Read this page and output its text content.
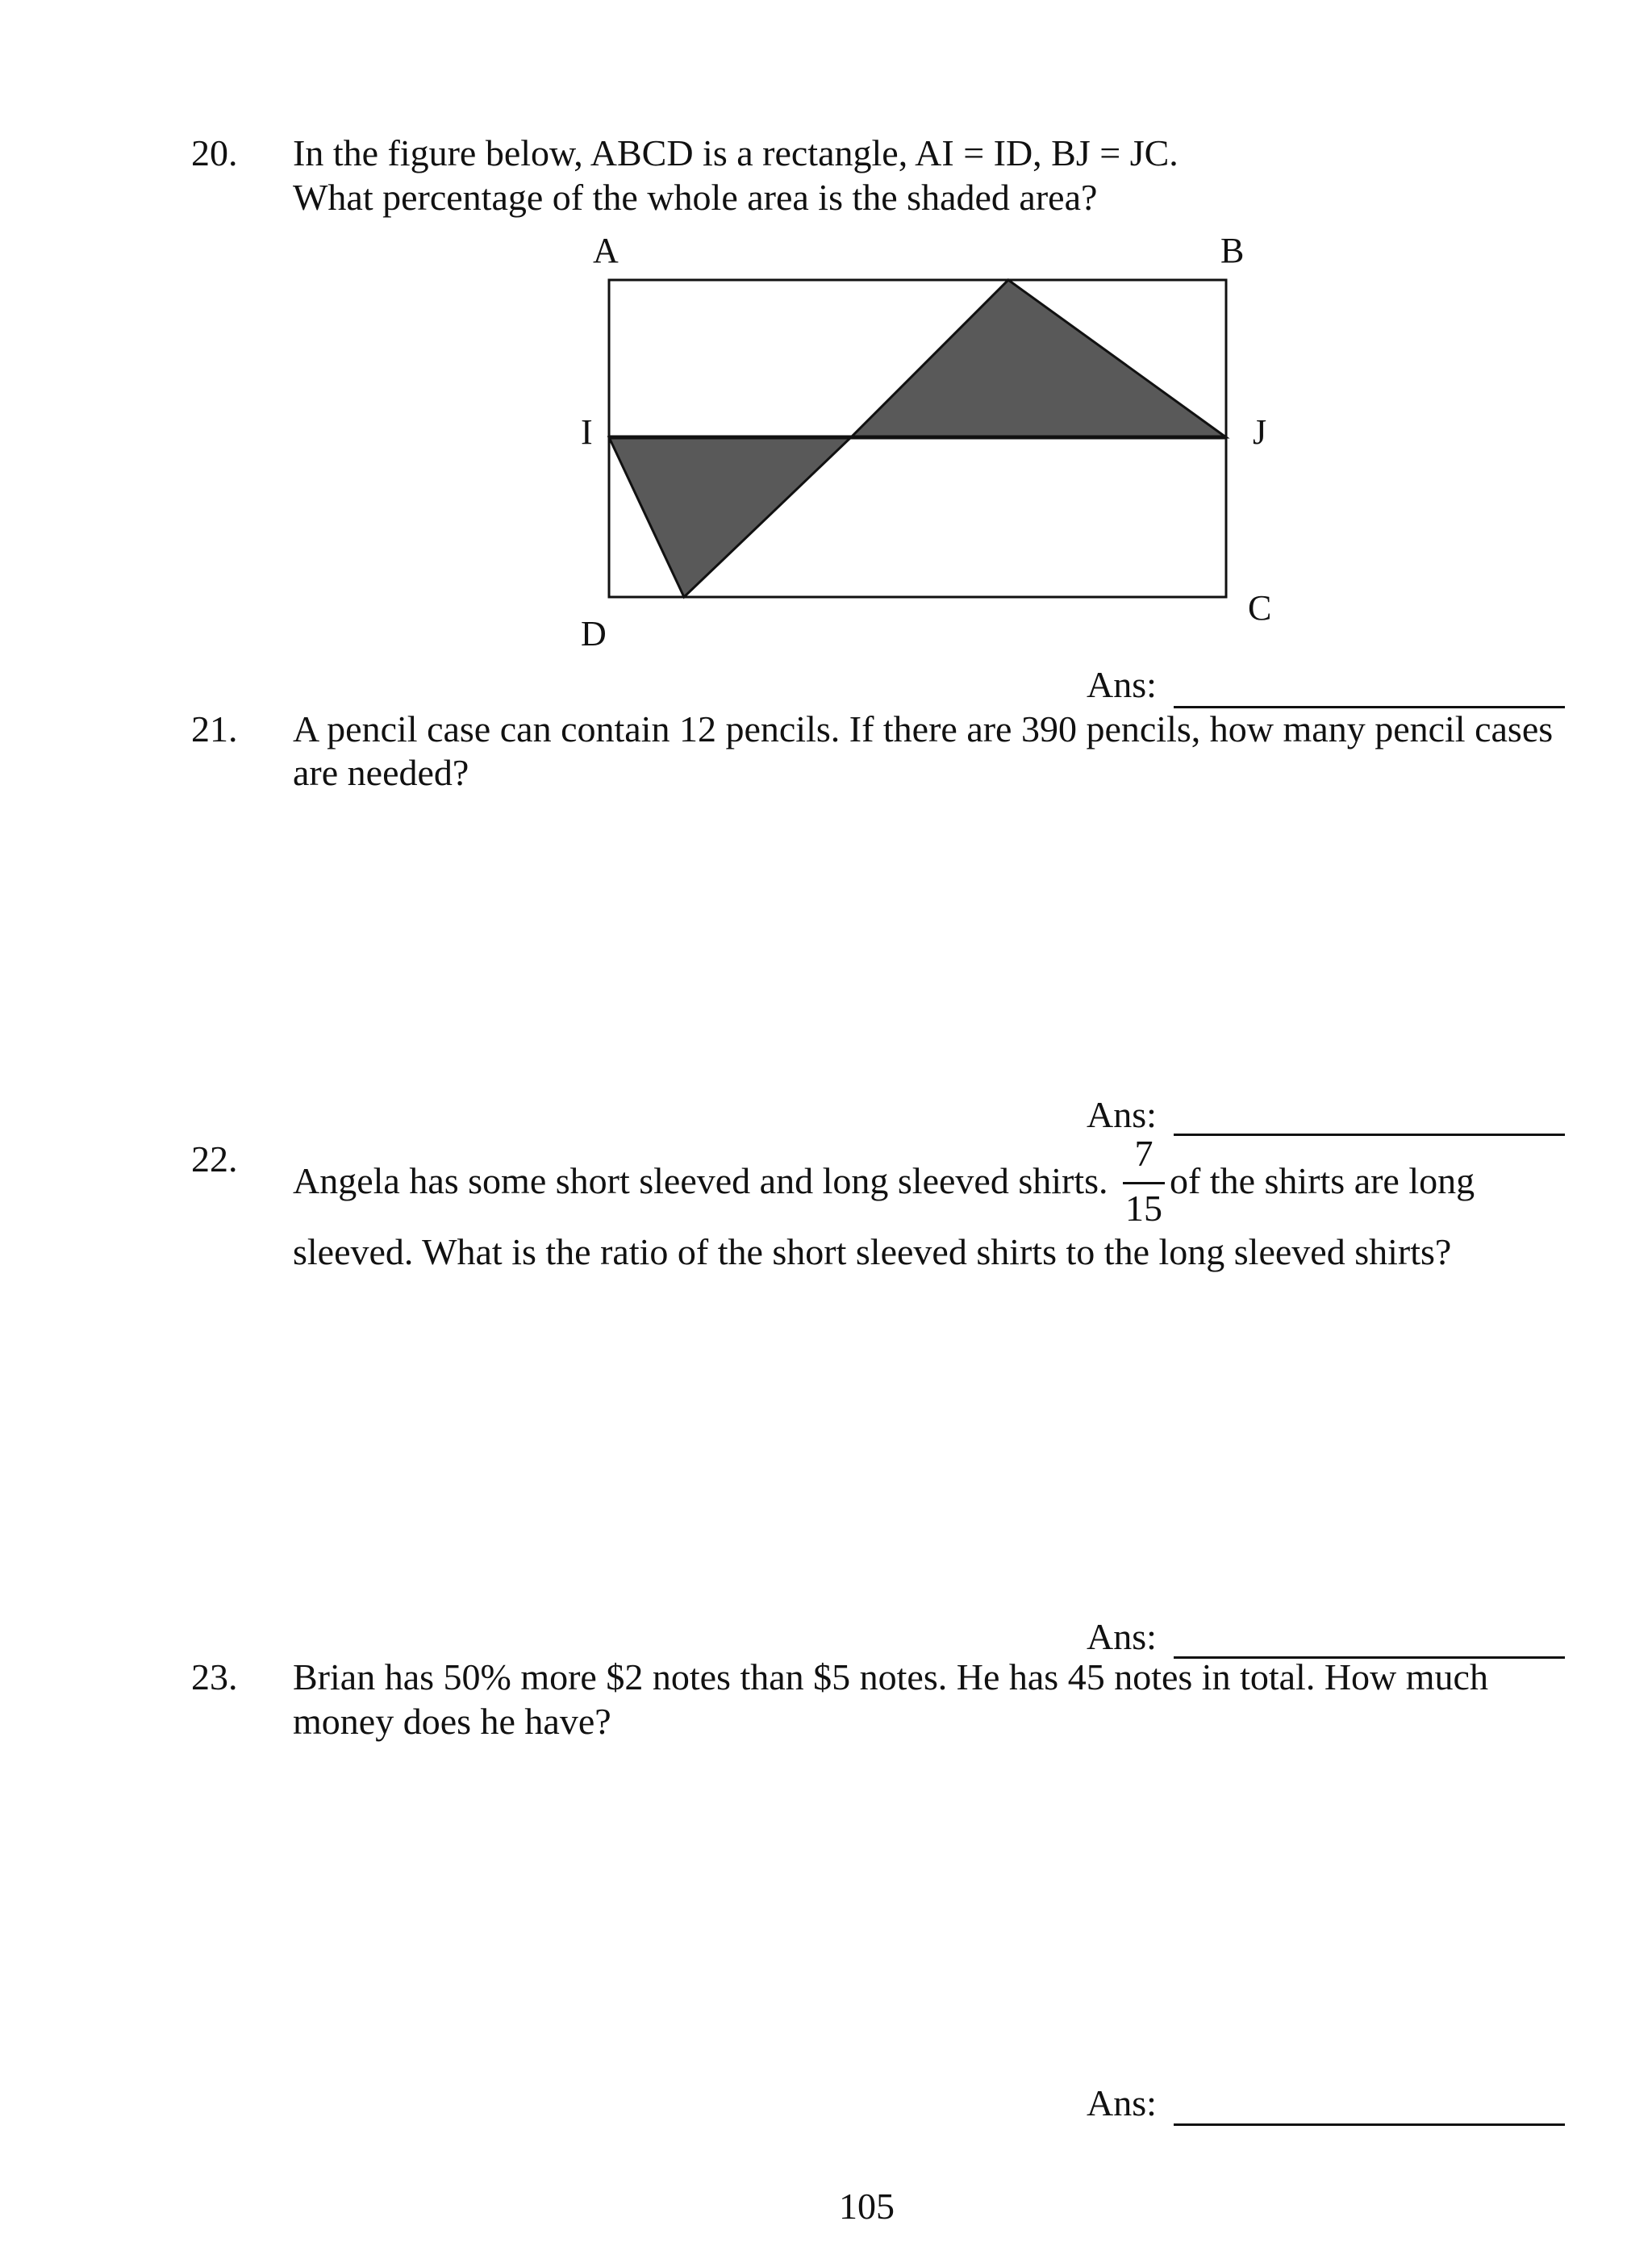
20. In the figure below, ABCD is a rectangle, AI = ID, BJ = JC.
What percentage of the whole area is the shaded area?
A	B
C
D
I	J
Ans:
21. A pencil case can contain 12 pencils. If there are 390 pencils, how many pencil cases
are needed?
Ans:
22.
Angela has some short sleeved and long sleeved shirts.
7
15
of the shirts are long
sleeved. What is the ratio of the short sleeved shirts to the long sleeved shirts?
Ans:
23. Brian has 50% more $2 notes than $5 notes. He has 45 notes in total. How much
money does he have?
Ans:
105
